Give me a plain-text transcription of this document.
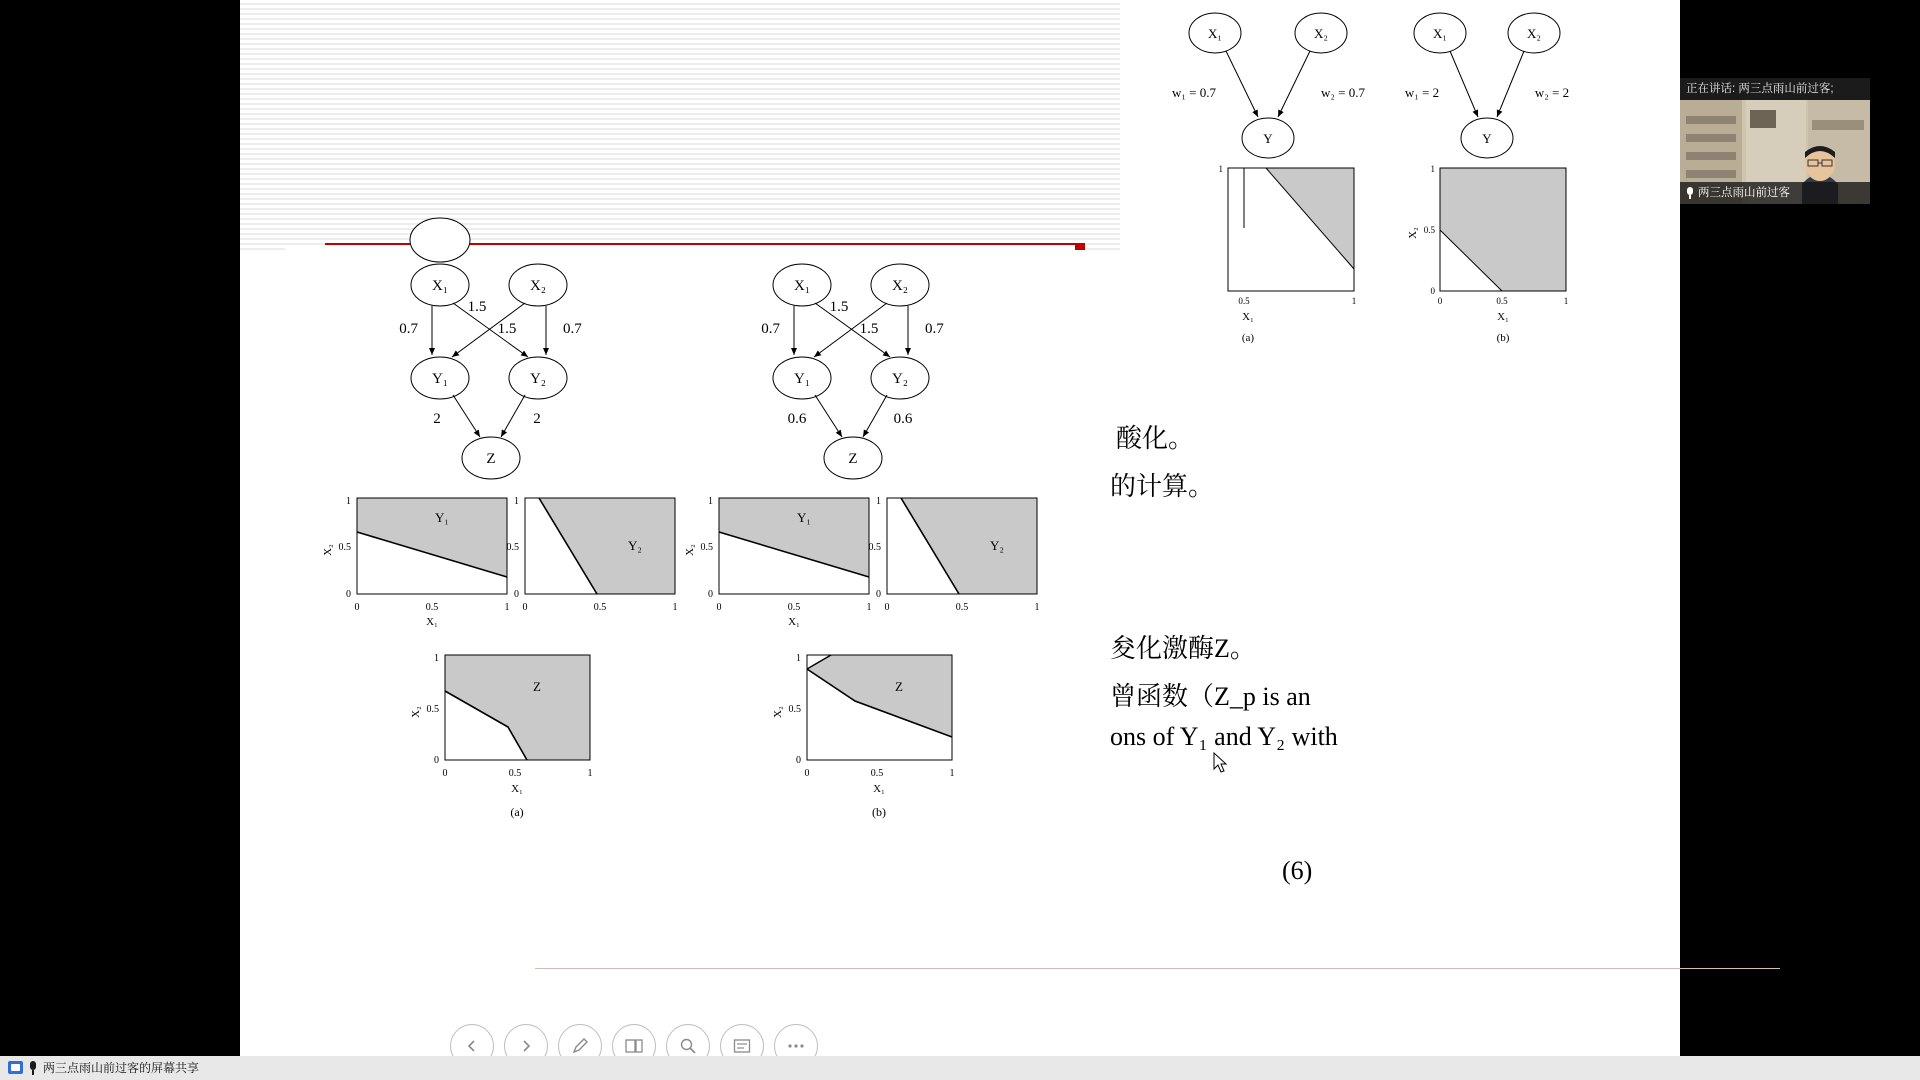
X₁	X₂
Y₁	Y₂
Z
1.5
1.5
0.7	0.7
2	2
X₁	X₂
Y₁	Y₂
Z
1.5
1.5
0.7	0.7
0.6	0.6
Y₁
0
0.5
1
0	0.5	1
X₁
X₂	Y₂
0
0.5
1
0	0.5	1
Y₁
0
0.5
1
0	0.5	1
X₁
X₂	Y₂
0
0.5
1
0	0.5	1
Z
0
0.5
1
0	0.5	1
X₁
X₂
(a)
Z
0
0.5
1
0	0.5	1
X₁
X₂
(b)
X₁	X₂
Y
w₁ = 0.7	w₂ = 0.7
X₁	X₂
Y
w₁ = 2	w₂ = 2
1
0.5	1
X₁
(a)
1
0.5
0
0	0.5	1
X₁
X₂
(b)
酸化。
的计算。
夋化激酶Z。
曾函数（Z_p is an
ons of Y₁ and Y₂ with
(6)
正在讲话: 两三点雨山前过客;
两三点雨山前过客
两三点雨山前过客的屏幕共享
